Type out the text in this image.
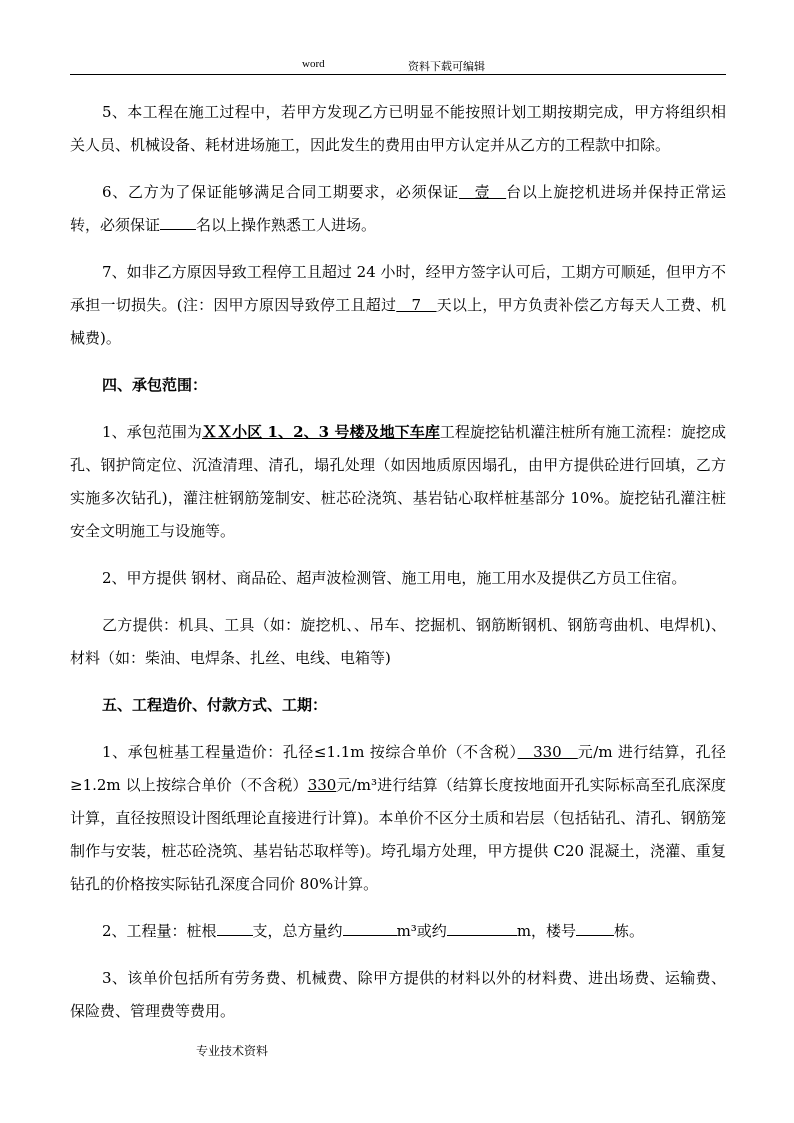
word	资料下载可编辑

5、本工程在施工过程中，若甲方发现乙方已明显不能按照计划工期按期完成，甲方将组织相关人员、机械设备、耗材进场施工，因此发生的费用由甲方认定并从乙方的工程款中扣除。

6、乙方为了保证能够满足合同工期要求，必须保证　壹　台以上旋挖机进场并保持正常运转，必须保证 名以上操作熟悉工人进场。

7、如非乙方原因导致工程停工且超过 24 小时，经甲方签字认可后，工期方可顺延，但甲方不承担一切损失。(注：因甲方原因导致停工且超过　7　天以上，甲方负责补偿乙方每天人工费、机械费)。

四、承包范围：

1、承包范围为ＸＸ小区 1、2、3 号楼及地下车库工程旋挖钻机灌注桩所有施工流程：旋挖成孔、钢护筒定位、沉渣清理、清孔，塌孔处理（如因地质原因塌孔，由甲方提供砼进行回填，乙方实施多次钻孔)，灌注桩钢筋笼制安、桩芯砼浇筑、基岩钻心取样桩基部分 10%。旋挖钻孔灌注桩安全文明施工与设施等。

2、甲方提供 钢材、商品砼、超声波检测管、施工用电，施工用水及提供乙方员工住宿。

乙方提供：机具、工具（如：旋挖机、、吊车、挖掘机、钢筋断钢机、钢筋弯曲机、电焊机)、材料（如：柴油、电焊条、扎丝、电线、电箱等)

五、工程造价、付款方式、工期：

1、承包桩基工程量造价：孔径≤1.1m 按综合单价（不含税）　330　元/m 进行结算，孔径≥1.2m 以上按综合单价（不含税）330元/m³进行结算（结算长度按地面开孔实际标高至孔底深度计算，直径按照设计图纸理论直接进行计算)。本单价不区分土质和岩层（包括钻孔、清孔、钢筋笼制作与安装，桩芯砼浇筑、基岩钻芯取样等)。垮孔塌方处理，甲方提供 C20 混凝土，浇灌、重复钻孔的价格按实际钻孔深度合同价 80%计算。

2、工程量：桩根 支，总方量约	m³或约	m，楼号	栋。

3、该单价包括所有劳务费、机械费、除甲方提供的材料以外的材料费、进出场费、运输费、保险费、管理费等费用。

专业技术资料
